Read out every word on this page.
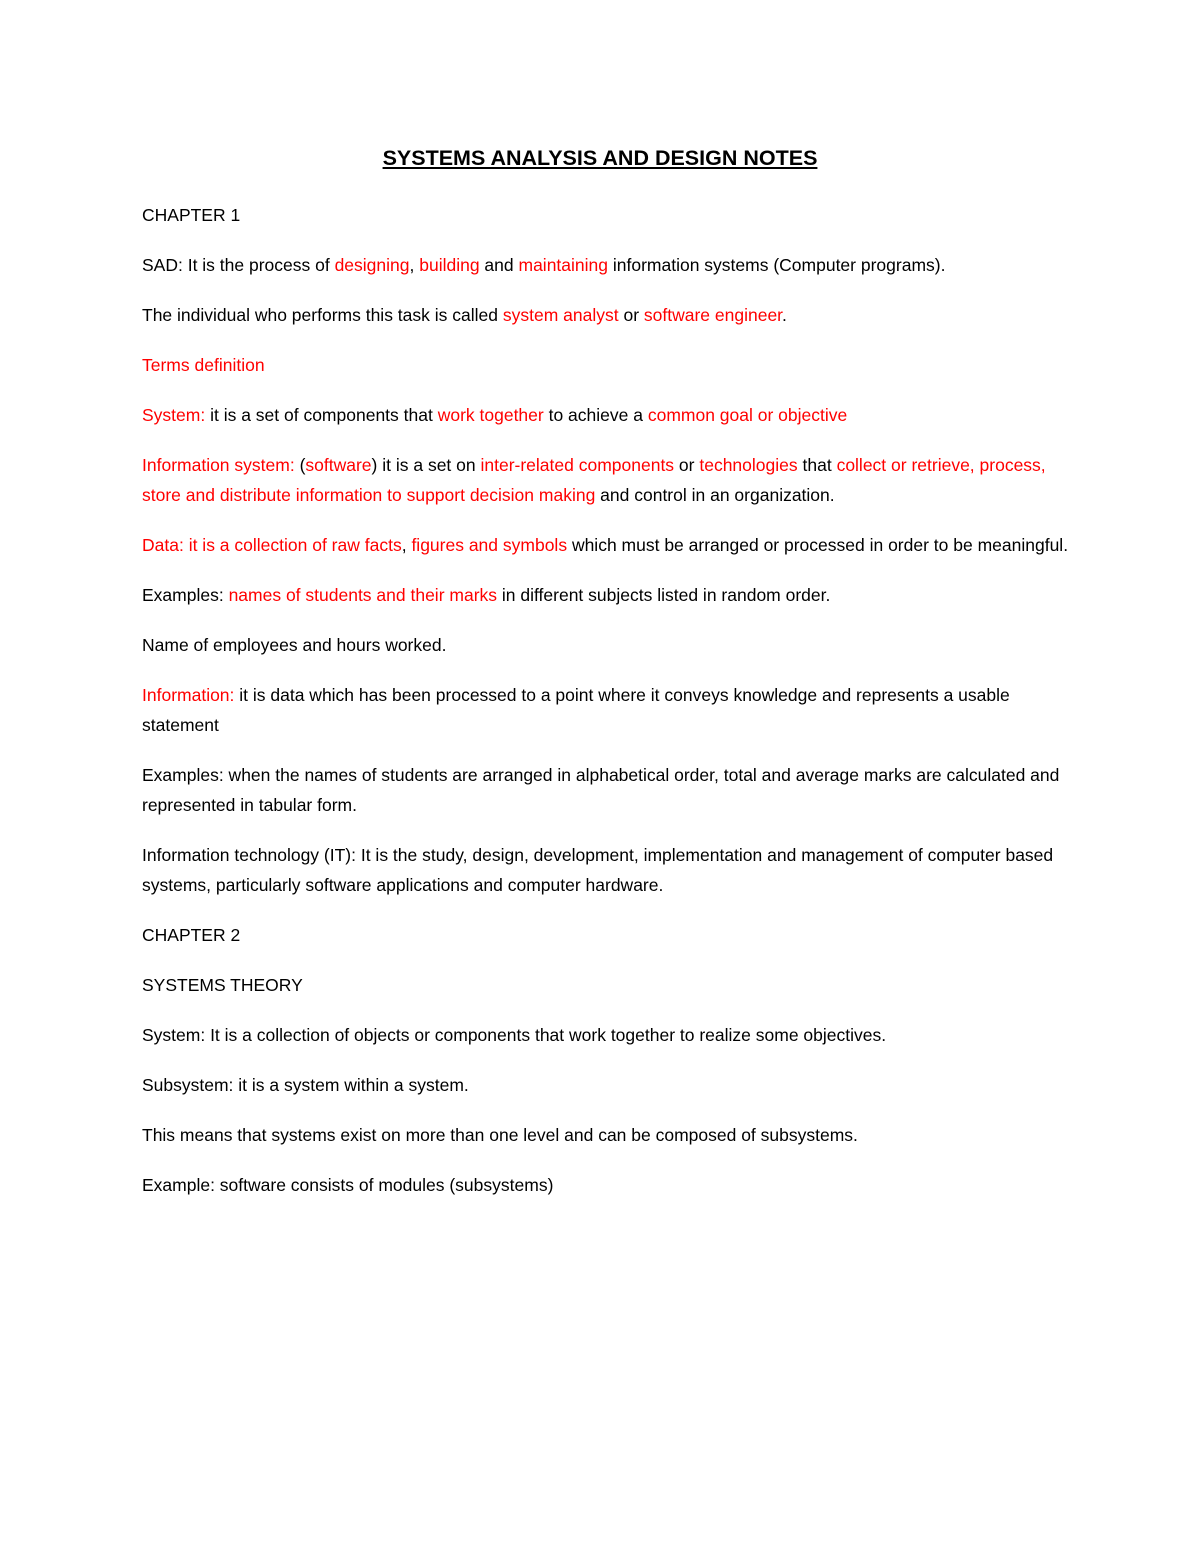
SYSTEMS ANALYSIS AND DESIGN NOTES

CHAPTER 1

SAD: It is the process of designing, building and maintaining information systems (Computer programs).

The individual who performs this task is called system analyst or software engineer.

Terms definition

System: it is a set of components that work together to achieve a common goal or objective

Information system: (software) it is a set on inter-related components or technologies that collect or retrieve, process, store and distribute information to support decision making and control in an organization.

Data: it is a collection of raw facts, figures and symbols which must be arranged or processed in order to be meaningful.

Examples: names of students and their marks in different subjects listed in random order.

Name of employees and hours worked.

Information: it is data which has been processed to a point where it conveys knowledge and represents a usable statement

Examples: when the names of students are arranged in alphabetical order, total and average marks are calculated and represented in tabular form.

Information technology (IT): It is the study, design, development, implementation and management of computer based systems, particularly software applications and computer hardware.

CHAPTER 2

SYSTEMS THEORY

System: It is a collection of objects or components that work together to realize some objectives.

Subsystem: it is a system within a system.

This means that systems exist on more than one level and can be composed of subsystems.

Example: software consists of modules (subsystems)
